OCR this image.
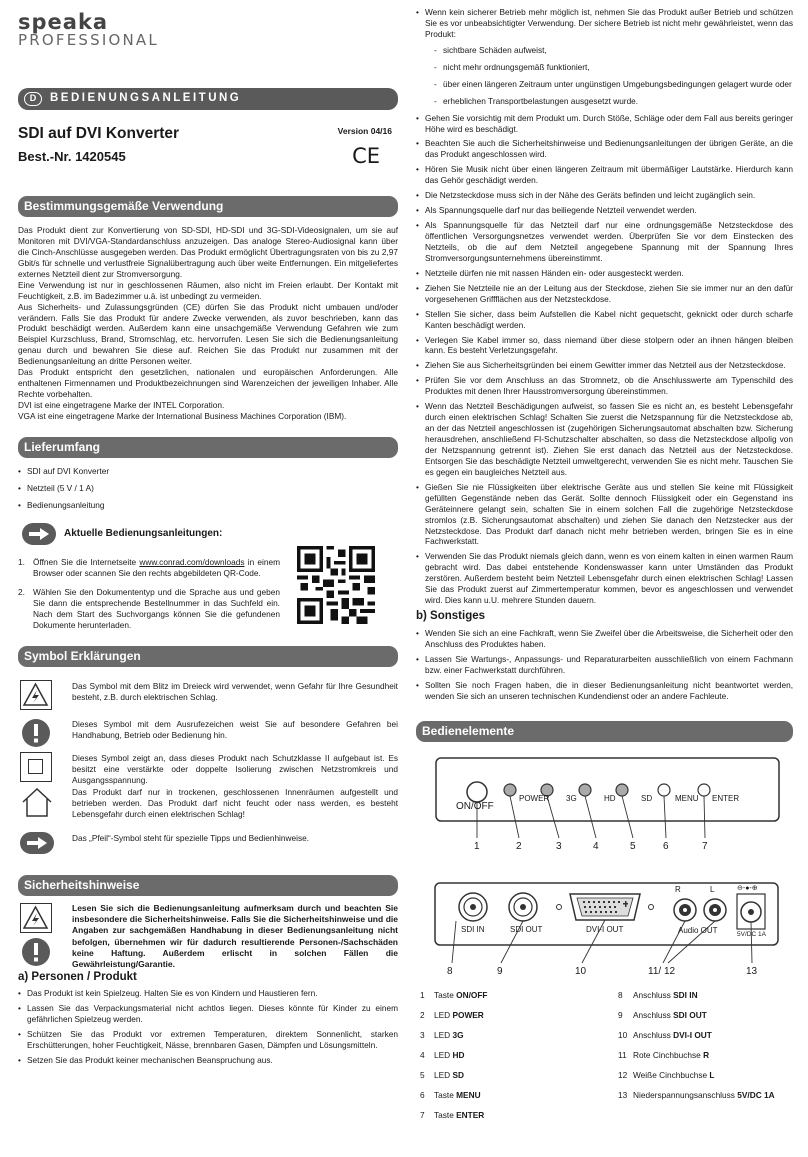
speaka
PROFESSIONAL
D	BEDIENUNGSANLEITUNG
SDI auf DVI Konverter	Version 04/16
Best.-Nr. 1420545	CE
Bestimmungsgemäße Verwendung

Das Produkt dient zur Konvertierung von SD-SDI, HD-SDI und 3G-SDI-Videosignalen, um sie auf Monitoren mit DVI/VGA-Standardanschluss anzuzeigen. Das analoge Stereo-Audiosignal kann über die Cinch-Anschlüsse ausgegeben werden. Das Produkt ermöglicht Übertragungsraten von bis zu 2,97 Gbit/s für schnelle und verlustfreie Signalübertragung auch über weite Entfernungen. Ein mitgeliefertes externes Netzteil dient zur Stromversorgung.

Eine Verwendung ist nur in geschlossenen Räumen, also nicht im Freien erlaubt. Der Kontakt mit Feuchtigkeit, z.B. im Badezimmer u.ä. ist unbedingt zu vermeiden.

Aus Sicherheits- und Zulassungsgründen (CE) dürfen Sie das Produkt nicht umbauen und/oder verändern. Falls Sie das Produkt für andere Zwecke verwenden, als zuvor beschrieben, kann das Produkt beschädigt werden. Außerdem kann eine unsachgemäße Verwendung Gefahren wie zum Beispiel Kurzschluss, Brand, Stromschlag, etc. hervorrufen. Lesen Sie sich die Bedienungsanleitung genau durch und bewahren Sie diese auf. Reichen Sie das Produkt nur zusammen mit der Bedienungsanleitung an dritte Personen weiter.

Das Produkt entspricht den gesetzlichen, nationalen und europäischen Anforderungen. Alle enthaltenen Firmennamen und Produktbezeichnungen sind Warenzeichen der jeweiligen Inhaber. Alle Rechte vorbehalten.

DVI ist eine eingetragene Marke der INTEL Corporation.

VGA ist eine eingetragene Marke der International Business Machines Corporation (IBM).

Lieferumfang
• SDI auf DVI Konverter
• Netzteil (5 V / 1 A)
• Bedienungsanleitung
Aktuelle Bedienungsanleitungen:
1. Öffnen Sie die Internetseite www.conrad.com/downloads in einem Browser oder scannen Sie den rechts abgebildeten QR-Code.

2. Wählen Sie den Dokumententyp und die Sprache aus und geben Sie dann die entsprechende Bestellnummer in das Suchfeld ein. Nach dem Start des Suchvorgangs können Sie die gefundenen Dokumente herunterladen.

Symbol Erklärungen

Das Symbol mit dem Blitz im Dreieck wird verwendet, wenn Gefahr für Ihre Gesundheit besteht, z.B. durch elektrischen Schlag.

Dieses Symbol mit dem Ausrufezeichen weist Sie auf besondere Gefahren bei Handhabung, Betrieb oder Bedienung hin.

Dieses Symbol zeigt an, dass dieses Produkt nach Schutzklasse II aufgebaut ist. Es besitzt eine verstärkte oder doppelte Isolierung zwischen Netzstromkreis und Ausgangsspannung.

Das Produkt darf nur in trockenen, geschlossenen Innenräumen aufgestellt und betrieben werden. Das Produkt darf nicht feucht oder nass werden, es besteht Lebensgefahr durch einen elektrischen Schlag!

Das „Pfeil“-Symbol steht für spezielle Tipps und Bedienhinweise.

Sicherheitshinweise

Lesen Sie sich die Bedienungsanleitung aufmerksam durch und beachten Sie insbesondere die Sicherheitshinweise. Falls Sie die Sicherheitshinweise und die Angaben zur sachgemäßen Handhabung in dieser Bedienungsanleitung nicht befolgen, übernehmen wir für dadurch resultierende Personen-/Sachschäden keine Haftung. Außerdem erlischt in solchen Fällen die Gewährleistung/Garantie.

a) Personen / Produkt
• Das Produkt ist kein Spielzeug. Halten Sie es von Kindern und Haustieren fern.
• Lassen Sie das Verpackungsmaterial nicht achtlos liegen. Dieses könnte für Kinder zu einem gefährlichen Spielzeug werden.
• Schützen Sie das Produkt vor extremen Temperaturen, direktem Sonnenlicht, starken Erschütterungen, hoher Feuchtigkeit, Nässe, brennbaren Gasen, Dämpfen und Lösungsmitteln.
• Setzen Sie das Produkt keiner mechanischen Beanspruchung aus.
• Wenn kein sicherer Betrieb mehr möglich ist, nehmen Sie das Produkt außer Betrieb und schützen Sie es vor unbeabsichtigter Verwendung. Der sichere Betrieb ist nicht mehr gewährleistet, wenn das Produkt:
- sichtbare Schäden aufweist,
- nicht mehr ordnungsgemäß funktioniert,
- über einen längeren Zeitraum unter ungünstigen Umgebungsbedingungen gelagert wurde oder
- erheblichen Transportbelastungen ausgesetzt wurde.
• Gehen Sie vorsichtig mit dem Produkt um. Durch Stöße, Schläge oder dem Fall aus bereits geringer Höhe wird es beschädigt.
• Beachten Sie auch die Sicherheitshinweise und Bedienungsanleitungen der übrigen Geräte, an die das Produkt angeschlossen wird.
• Hören Sie Musik nicht über einen längeren Zeitraum mit übermäßiger Lautstärke. Hierdurch kann das Gehör geschädigt werden.
• Die Netzsteckdose muss sich in der Nähe des Geräts befinden und leicht zugänglich sein.
• Als Spannungsquelle darf nur das beiliegende Netzteil verwendet werden.
• Als Spannungsquelle für das Netzteil darf nur eine ordnungsgemäße Netzsteckdose des öffentlichen Versorgungsnetzes verwendet werden. Überprüfen Sie vor dem Einstecken des Netzteils, ob die auf dem Netzteil angegebene Spannung mit der Spannung Ihres Stromversorgungsunternehmens übereinstimmt.
• Netzteile dürfen nie mit nassen Händen ein- oder ausgesteckt werden.
• Ziehen Sie Netzteile nie an der Leitung aus der Steckdose, ziehen Sie sie immer nur an den dafür vorgesehenen Griffflächen aus der Netzsteckdose.
• Stellen Sie sicher, dass beim Aufstellen die Kabel nicht gequetscht, geknickt oder durch scharfe Kanten beschädigt werden.
• Verlegen Sie Kabel immer so, dass niemand über diese stolpern oder an ihnen hängen bleiben kann. Es besteht Verletzungsgefahr.
• Ziehen Sie aus Sicherheitsgründen bei einem Gewitter immer das Netzteil aus der Netzsteckdose.
• Prüfen Sie vor dem Anschluss an das Stromnetz, ob die Anschlusswerte am Typenschild des Produktes mit denen Ihrer Hausstromversorgung übereinstimmen.
• Wenn das Netzteil Beschädigungen aufweist, so fassen Sie es nicht an, es besteht Lebensgefahr durch einen elektrischen Schlag! Schalten Sie zuerst die Netzspannung für die Netzsteckdose ab, an der das Netzteil angeschlossen ist (zugehörigen Sicherungsautomat abschalten bzw. Sicherung herausdrehen, anschließend FI-Schutzschalter abschalten, so dass die Netzsteckdose allpolig von der Netzspannung getrennt ist). Ziehen Sie erst danach das Netzteil aus der Netzsteckdose. Entsorgen Sie das beschädigte Netzteil umweltgerecht, verwenden Sie es nicht mehr. Tauschen Sie es gegen ein baugleiches Netzteil aus.
• Gießen Sie nie Flüssigkeiten über elektrische Geräte aus und stellen Sie keine mit Flüssigkeit gefüllten Gegenstände neben das Gerät. Sollte dennoch Flüssigkeit oder ein Gegenstand ins Geräteinnere gelangt sein, schalten Sie in einem solchen Fall die zugehörige Netzsteckdose stromlos (z.B. Sicherungsautomat abschalten) und ziehen Sie danach den Netzstecker aus der Netzsteckdose. Das Produkt darf danach nicht mehr betrieben werden, bringen Sie es in eine Fachwerkstatt.
• Verwenden Sie das Produkt niemals gleich dann, wenn es von einem kalten in einen warmen Raum gebracht wird. Das dabei entstehende Kondenswasser kann unter Umständen das Produkt zerstören. Außerdem besteht beim Netzteil Lebensgefahr durch einen elektrischen Schlag! Lassen Sie das Produkt zuerst auf Zimmertemperatur kommen, bevor es angeschlossen und verwendet wird. Dies kann u.U. mehrere Stunden dauern.
b) Sonstiges
• Wenden Sie sich an eine Fachkraft, wenn Sie Zweifel über die Arbeitsweise, die Sicherheit oder den Anschluss des Produktes haben.
• Lassen Sie Wartungs-, Anpassungs- und Reparaturarbeiten ausschließlich von einem Fachmann bzw. einer Fachwerkstatt durchführen.
• Sollten Sie noch Fragen haben, die in dieser Bedienungsanleitung nicht beantwortet werden, wenden Sie sich an unseren technischen Kundendienst oder an andere Fachleute.
Bedienelemente
ON/OFF
POWER 3G	HD	SD	MENU ENTER
1	2	3	4	5	6	7
⊖-●-⊕
SDI IN	SDI OUT	DVI-I OUT
R	L
Audio OUT	5V/DC 1A
8	9	10	11/ 12	13
1 Taste ON/OFF
2 LED POWER
3 LED 3G
4 LED HD
5 LED SD
6 Taste MENU
7 Taste ENTER
8 Anschluss SDI IN
9 Anschluss SDI OUT
10 Anschluss DVI-I OUT
11 Rote Cinchbuchse R
12 Weiße Cinchbuchse L
13 Niederspannungsanschluss 5V/DC 1A
